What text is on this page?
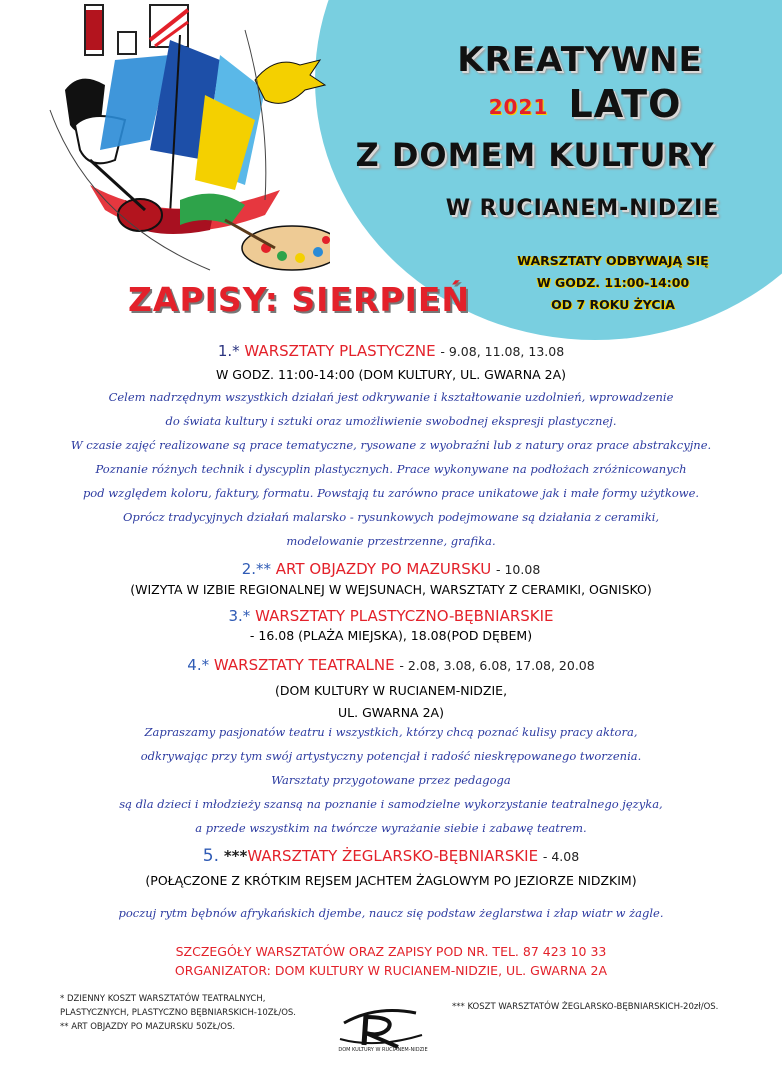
KREATYWNE
2021 LATO
Z DOMEM KULTURY
W RUCIANEM-NIDZIE
WARSZTATY ODBYWAJĄ SIĘ
W GODZ. 11:00-14:00
OD 7 ROKU ŻYCIA
ZAPISY: SIERPIEŃ
1.* WARSZTATY PLASTYCZNE - 9.08, 11.08, 13.08
W GODZ. 11:00-14:00 (DOM KULTURY, UL. GWARNA 2A)
Celem nadrzędnym wszystkich działań jest odkrywanie i kształtowanie uzdolnień, wprowadzenie
do świata kultury i sztuki oraz umożliwienie swobodnej ekspresji plastycznej.
W czasie zajęć realizowane są prace tematyczne, rysowane z wyobraźni lub z natury oraz prace abstrakcyjne.
Poznanie różnych technik i dyscyplin plastycznych. Prace wykonywane na podłożach zróżnicowanych
pod względem koloru, faktury, formatu. Powstają tu zarówno prace unikatowe jak i małe formy użytkowe.
Oprócz tradycyjnych działań malarsko - rysunkowych podejmowane są działania z ceramiki,
modelowanie przestrzenne, grafika.
2.** ART OBJAZDY PO MAZURSKU - 10.08
(WIZYTA W IZBIE REGIONALNEJ W WEJSUNACH, WARSZTATY Z CERAMIKI, OGNISKO)
3.* WARSZTATY PLASTYCZNO-BĘBNIARSKIE
- 16.08 (PLAŻA MIEJSKA), 18.08(POD DĘBEM)
4.* WARSZTATY TEATRALNE - 2.08, 3.08, 6.08, 17.08, 20.08
(DOM KULTURY W RUCIANEM-NIDZIE,
UL. GWARNA 2A)
Zapraszamy pasjonatów teatru i wszystkich, którzy chcą poznać kulisy pracy aktora,
odkrywając przy tym swój artystyczny potencjał i radość nieskrępowanego tworzenia.
Warsztaty przygotowane przez pedagoga
są dla dzieci i młodzieży szansą na poznanie i samodzielne wykorzystanie teatralnego języka,
a przede wszystkim na twórcze wyrażanie siebie i zabawę teatrem.
5. ***WARSZTATY ŻEGLARSKO-BĘBNIARSKIE - 4.08
(POŁĄCZONE Z KRÓTKIM REJSEM JACHTEM ŻAGLOWYM PO JEZIORZE NIDZKIM)
poczuj rytm bębnów afrykańskich djembe, naucz się podstaw żeglarstwa i złap wiatr w żagle.
SZCZEGÓŁY WARSZTATÓW ORAZ ZAPISY POD NR. TEL. 87 423 10 33
ORGANIZATOR: DOM KULTURY W RUCIANEM-NIDZIE, UL. GWARNA 2A
* DZIENNY KOSZT WARSZTATÓW TEATRALNYCH,
PLASTYCZNYCH, PLASTYCZNO BĘBNIARSKICH-10ZŁ/OS.
** ART OBJAZDY PO MAZURSKU 50ZŁ/OS.
*** KOSZT WARSZTATÓW ŻEGLARSKO-BĘBNIARSKICH-20zł/OS.
DOM KULTURY W RUCIANEM-NIDZIE
